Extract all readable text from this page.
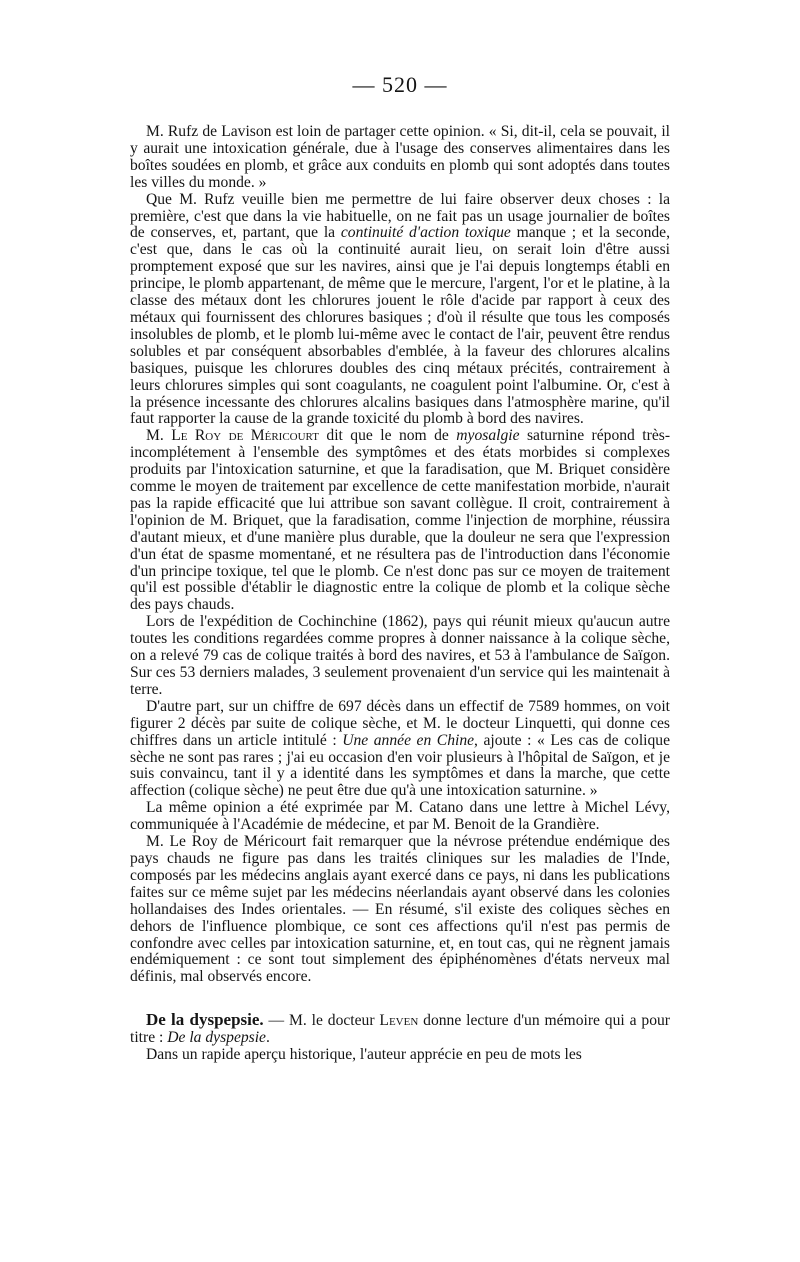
— 520 —

M. Rufz de Lavison est loin de partager cette opinion. « Si, dit-il, cela se pouvait, il y aurait une intoxication générale, due à l'usage des conserves alimentaires dans les boîtes soudées en plomb, et grâce aux conduits en plomb qui sont adoptés dans toutes les villes du monde. »

Que M. Rufz veuille bien me permettre de lui faire observer deux choses : la première, c'est que dans la vie habituelle, on ne fait pas un usage journalier de boîtes de conserves, et, partant, que la continuité d'action toxique manque ; et la seconde, c'est que, dans le cas où la continuité aurait lieu, on serait loin d'être aussi promptement exposé que sur les navires, ainsi que je l'ai depuis longtemps établi en principe, le plomb appartenant, de même que le mercure, l'argent, l'or et le platine, à la classe des métaux dont les chlorures jouent le rôle d'acide par rapport à ceux des métaux qui fournissent des chlorures basiques ; d'où il résulte que tous les composés insolubles de plomb, et le plomb lui-même avec le contact de l'air, peuvent être rendus solubles et par conséquent absorbables d'emblée, à la faveur des chlorures alcalins basiques, puisque les chlorures doubles des cinq métaux précités, contrairement à leurs chlorures simples qui sont coagulants, ne coagulent point l'albumine. Or, c'est à la présence incessante des chlorures alcalins basiques dans l'atmosphère marine, qu'il faut rapporter la cause de la grande toxicité du plomb à bord des navires.

M. Le Roy de Méricourt dit que le nom de myosalgie saturnine répond très-incomplétement à l'ensemble des symptômes et des états morbides si complexes produits par l'intoxication saturnine, et que la faradisation, que M. Briquet considère comme le moyen de traitement par excellence de cette manifestation morbide, n'aurait pas la rapide efficacité que lui attribue son savant collègue. Il croit, contrairement à l'opinion de M. Briquet, que la faradisation, comme l'injection de morphine, réussira d'autant mieux, et d'une manière plus durable, que la douleur ne sera que l'expression d'un état de spasme momentané, et ne résultera pas de l'introduction dans l'économie d'un principe toxique, tel que le plomb. Ce n'est donc pas sur ce moyen de traitement qu'il est possible d'établir le diagnostic entre la colique de plomb et la colique sèche des pays chauds.

Lors de l'expédition de Cochinchine (1862), pays qui réunit mieux qu'aucun autre toutes les conditions regardées comme propres à donner naissance à la colique sèche, on a relevé 79 cas de colique traités à bord des navires, et 53 à l'ambulance de Saïgon. Sur ces 53 derniers malades, 3 seulement provenaient d'un service qui les maintenait à terre.

D'autre part, sur un chiffre de 697 décès dans un effectif de 7589 hommes, on voit figurer 2 décès par suite de colique sèche, et M. le docteur Linquetti, qui donne ces chiffres dans un article intitulé : Une année en Chine, ajoute : « Les cas de colique sèche ne sont pas rares ; j'ai eu occasion d'en voir plusieurs à l'hôpital de Saïgon, et je suis convaincu, tant il y a identité dans les symptômes et dans la marche, que cette affection (colique sèche) ne peut être due qu'à une intoxication saturnine. »

La même opinion a été exprimée par M. Catano dans une lettre à Michel Lévy, communiquée à l'Académie de médecine, et par M. Benoit de la Grandière.

M. Le Roy de Méricourt fait remarquer que la névrose prétendue endémique des pays chauds ne figure pas dans les traités cliniques sur les maladies de l'Inde, composés par les médecins anglais ayant exercé dans ce pays, ni dans les publications faites sur ce même sujet par les médecins néerlandais ayant observé dans les colonies hollandaises des Indes orientales. — En résumé, s'il existe des coliques sèches en dehors de l'influence plombique, ce sont ces affections qu'il n'est pas permis de confondre avec celles par intoxication saturnine, et, en tout cas, qui ne règnent jamais endémiquement : ce sont tout simplement des épiphénomènes d'états nerveux mal définis, mal observés encore.

De la dyspepsie. — M. le docteur Leven donne lecture d'un mémoire qui a pour titre : De la dyspepsie.

Dans un rapide aperçu historique, l'auteur apprécie en peu de mots les
